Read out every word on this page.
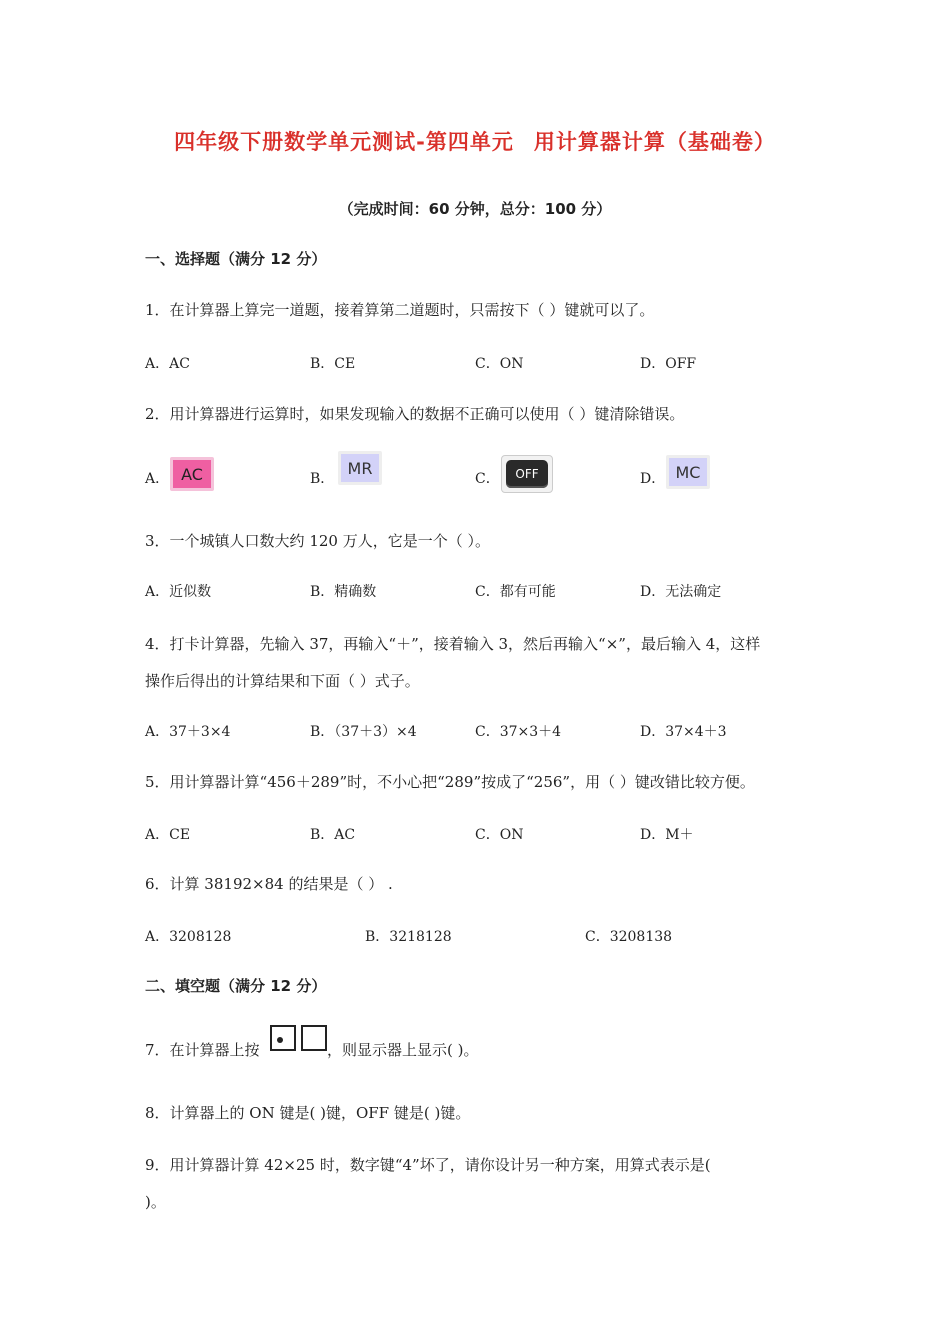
四年级下册数学单元测试-第四单元 用计算器计算（基础卷）
（完成时间：60 分钟，总分：100 分）
一、选择题（满分 12 分）
1．在计算器上算完一道题，接着算第二道题时，只需按下（ ）键就可以了。
A．AC	B．CE	C．ON	D．OFF
2．用计算器进行运算时，如果发现输入的数据不正确可以使用（ ）键清除错误。
A． AC	B．
MR
C．	OFF	D． MC
3．一个城镇人口数大约 120 万人，它是一个（ ）。
A．近似数	B．精确数	C．都有可能	D．无法确定
4．打卡计算器，先输入 37，再输入“＋”，接着输入 3，然后再输入“×”，最后输入 4，这样
操作后得出的计算结果和下面（ ）式子。
A．37＋3×4	B．（37＋3）×4	C．37×3＋4	D．37×4＋3
5．用计算器计算“456＋289”时，不小心把“289”按成了“256”，用（ ）键改错比较方便。
A．CE	B．AC	C．ON	D．M＋
6．计算 38192×84 的结果是（ ） .
A．3208128	B．3218128	C．3208138
二、填空题（满分 12 分）
7．在计算器上按	，则显示器上显示( )。
8．计算器上的 ON 键是( )键，OFF 键是( )键。
9．用计算器计算 42×25 时，数字键“4”坏了，请你设计另一种方案，用算式表示是(
)。
